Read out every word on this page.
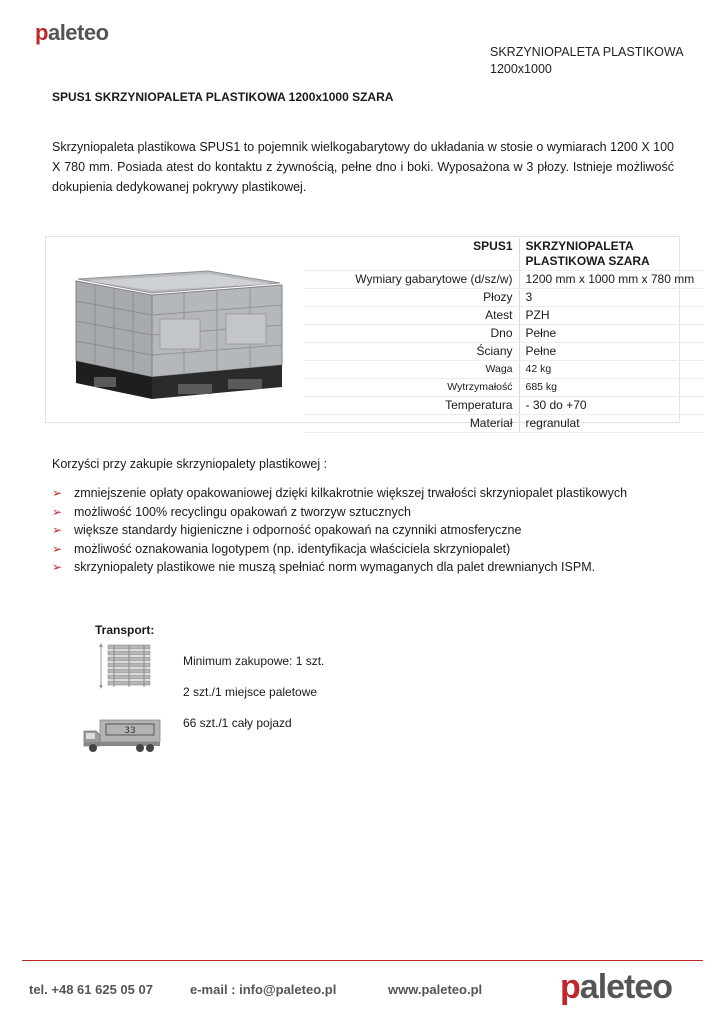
paleteo
SKRZYNIOPALETA PLASTIKOWA
1200x1000
SPUS1 SKRZYNIOPALETA PLASTIKOWA 1200x1000 SZARA

Skrzyniopaleta plastikowa SPUS1 to pojemnik wielkogabarytowy do układania w stosie o wymiarach 1200 X 100 X 780 mm. Posiada atest do kontaktu z żywnością, pełne dno i boki. Wyposażona w 3 płozy. Istnieje możliwość dokupienia dedykowanej pokrywy plastikowej.

SPUS1	SKRZYNIOPALETA
PLASTIKOWA SZARA

Wymiary gabarytowe (d/sz/w)	1200 mm x 1000 mm x 780 mm
Płozy	3
Atest	PZH
Dno	Pełne
Ściany	Pełne
Waga	42 kg
Wytrzymałość	685 kg
Temperatura	- 30 do +70
Materiał	regranulat
Korzyści przy zakupie skrzyniopalety plastikowej :
➢ zmniejszenie opłaty opakowaniowej dzięki kilkakrotnie większej trwałości skrzyniopalet plastikowych
➢ możliwość 100% recyclingu opakowań z tworzyw sztucznych
➢ większe standardy higieniczne i odporność opakowań na czynniki atmosferyczne
➢ możliwość oznakowania logotypem (np. identyfikacja właściciela skrzyniopalet)
➢ skrzyniopalety plastikowe nie muszą spełniać norm wymaganych dla palet drewnianych ISPM.
Transport:
Minimum zakupowe: 1 szt.
2 szt./1 miejsce paletowe
66 szt./1 cały pojazd
33
tel. +48 61 625 05 07	e-mail : info@paleteo.pl	www.paleteo.pl paleteo
